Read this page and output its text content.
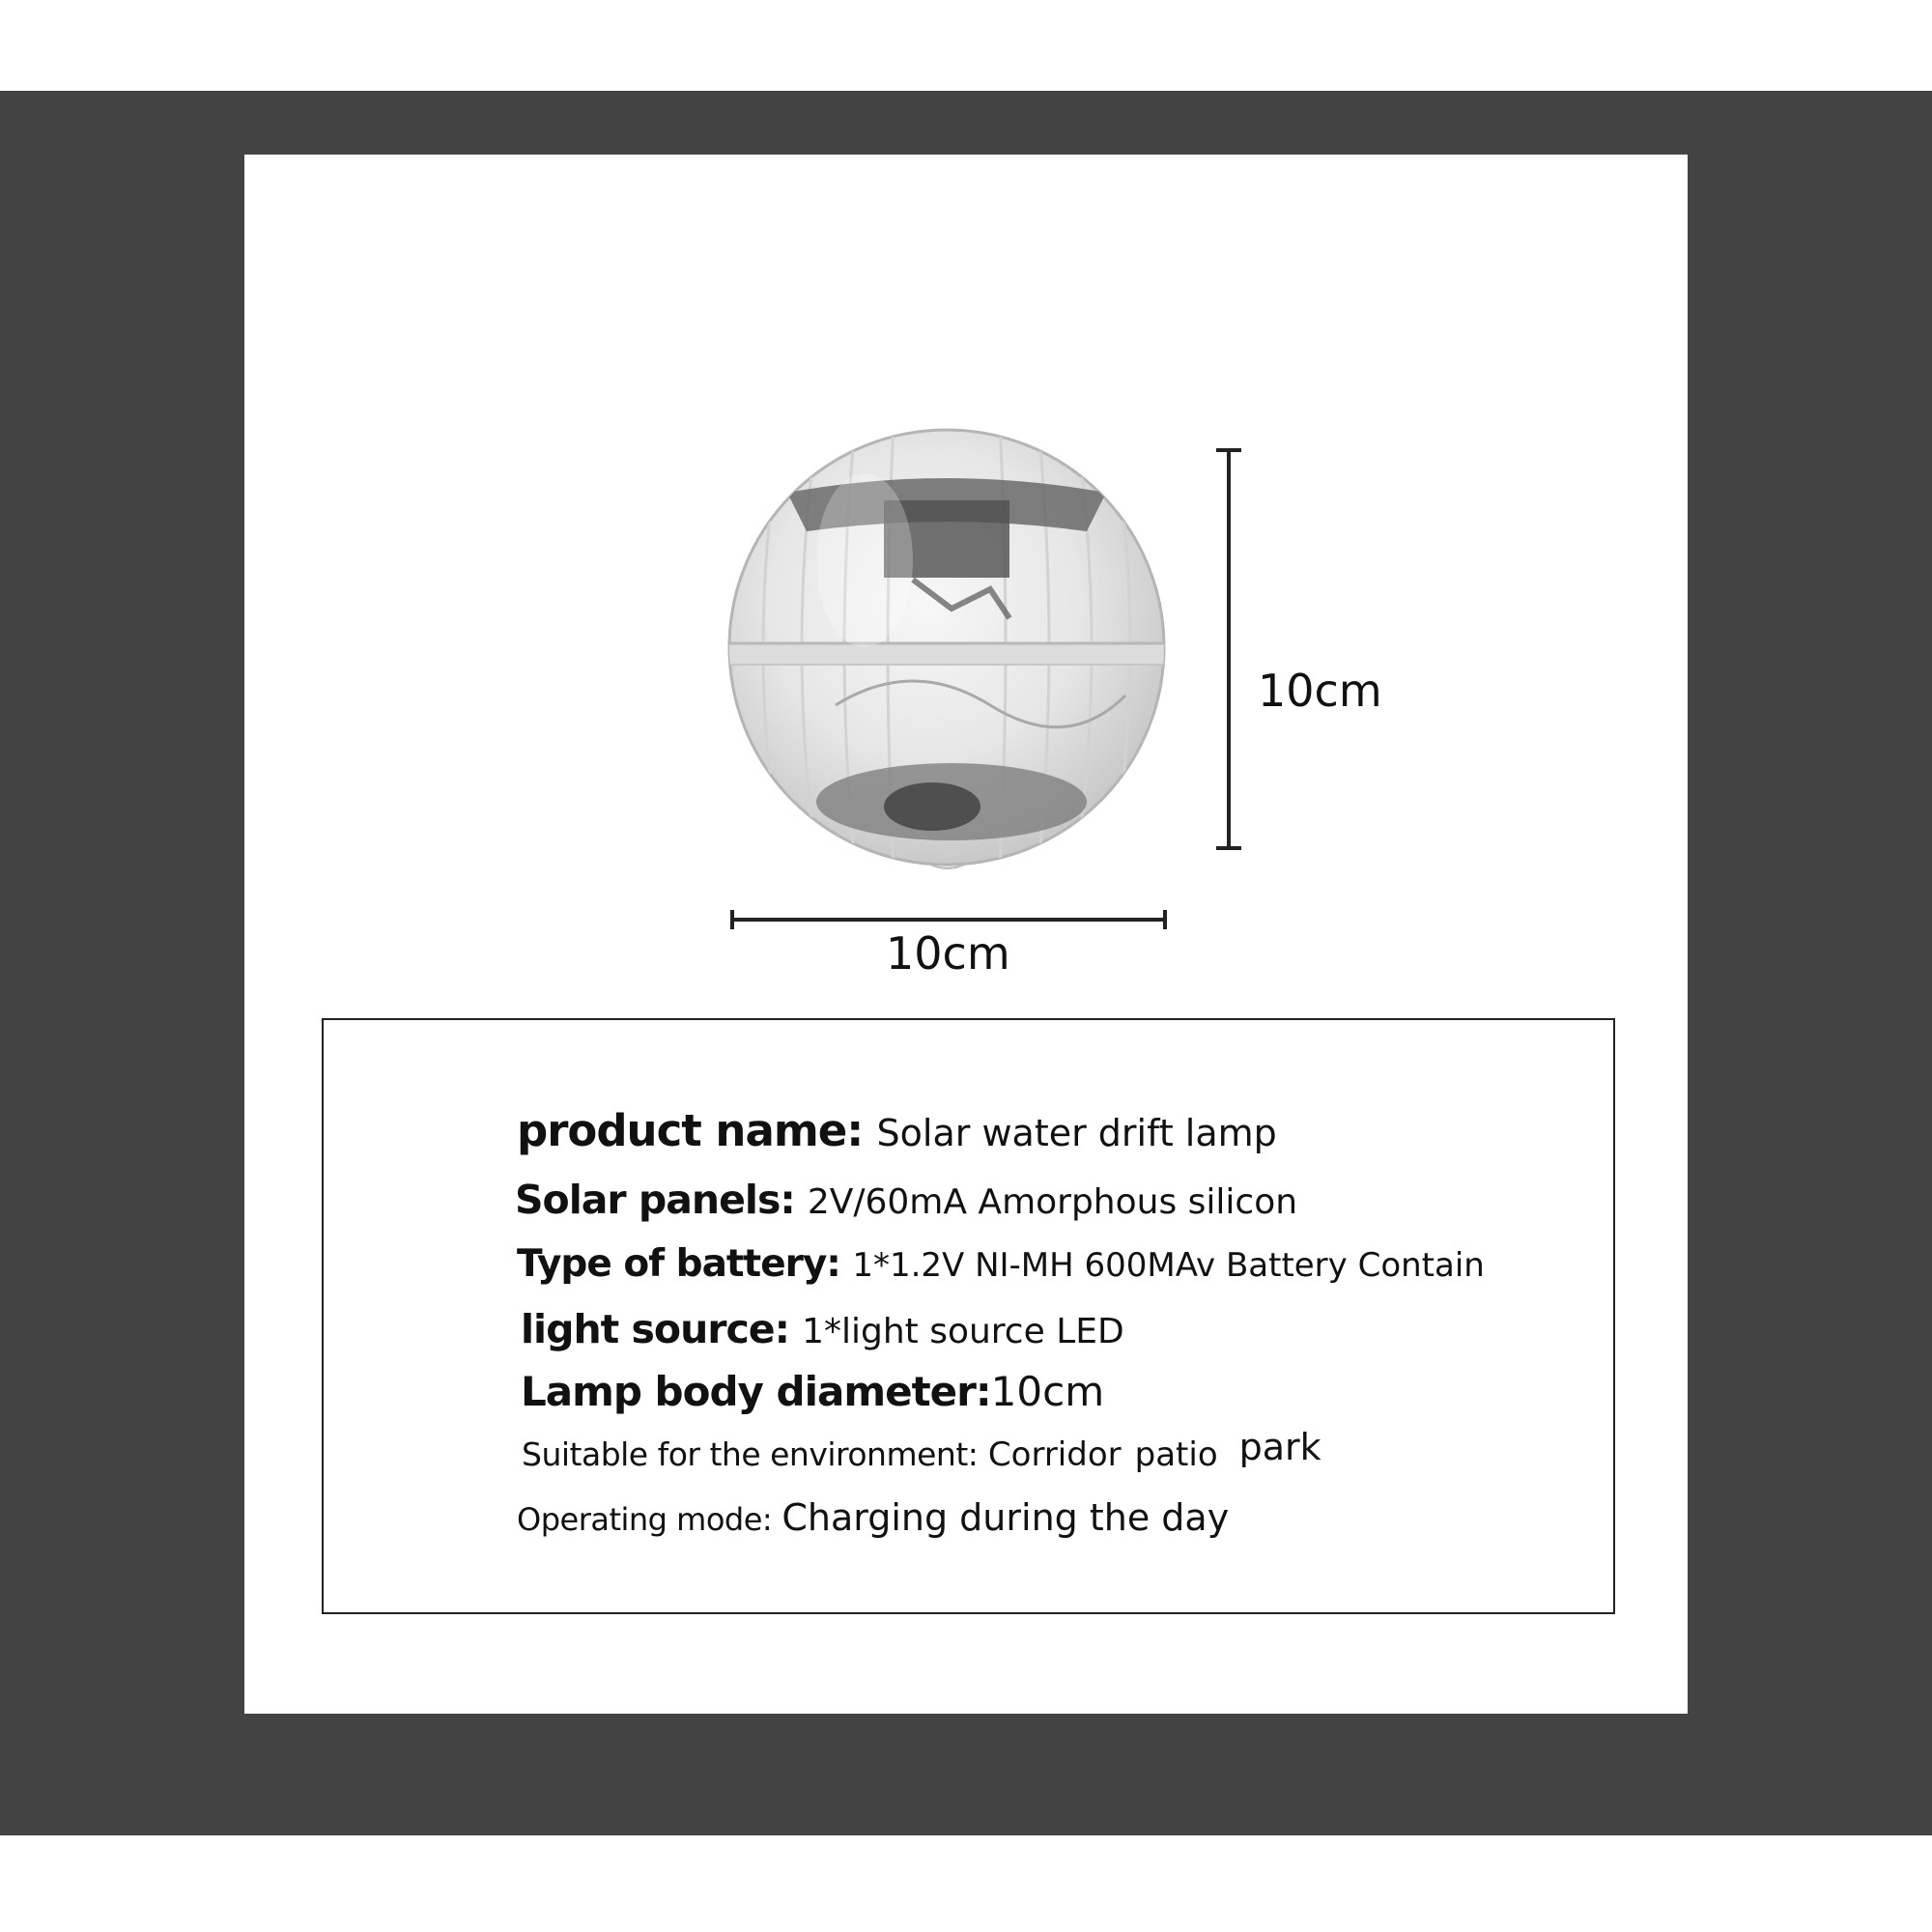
10cm
10cm
product name: Solar water drift lamp
Solar panels: 2V/60mA Amorphous silicon
Type of battery: 1*1.2V NI-MH 600MAv Battery Contain
light source: 1*light source LED
Lamp body diameter:10cm
Suitable for the environment: Corridor patio park
Operating mode: Charging during the day
